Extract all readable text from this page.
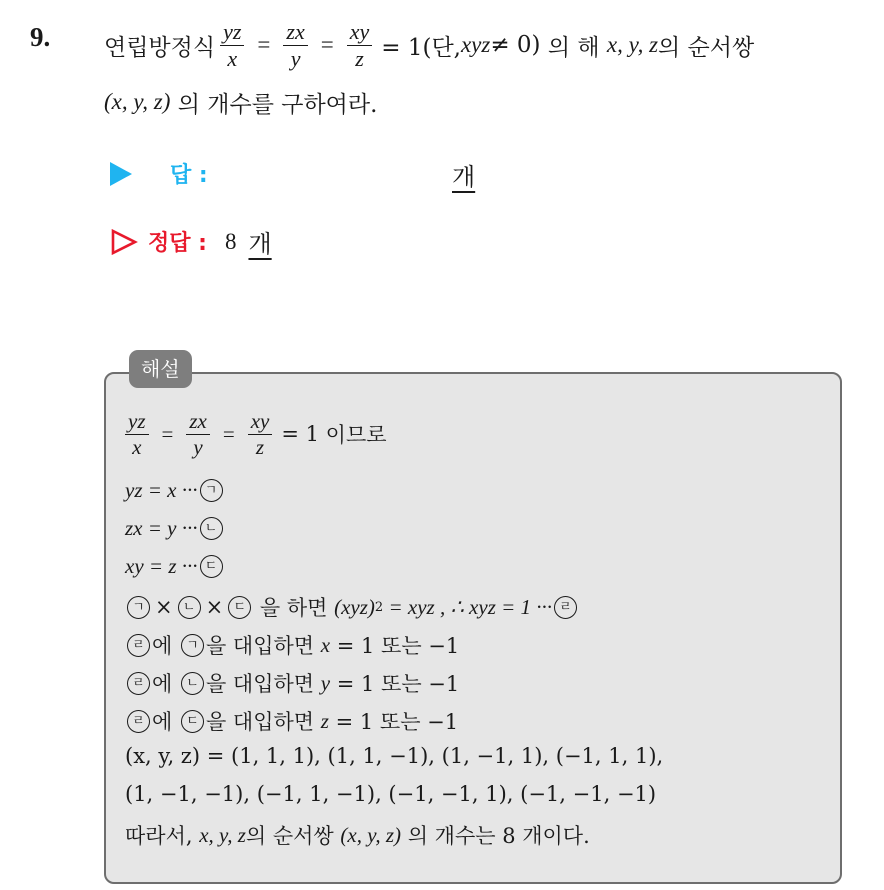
9. 연립방정식 $\frac{yz}{x} = \frac{zx}{y} = \frac{xy}{z} = 1$(단, xyz ≠ 0) 의 해 x, y, z 의 순서쌍
(x, y, z) 의 개수를 구하여라.
답 :	개
정답 : 8 개
해설
$\frac{yz}{x} = \frac{zx}{y} = \frac{xy}{z} = 1$ 이므로
yz = x ··· ㄱ
zx = y ··· ㄴ
xy = z ··· ㄷ
ㄱ × ㄴ × ㄷ 을 하면 (xyz) 2 = xyz , ∴ xyz = 1 ··· ㄹ
ㄹ 에 ㄱ 을 대입하면 x = 1 또는 −1
ㄹ 에 ㄴ 을 대입하면 y = 1 또는 −1
ㄹ 에 ㄷ 을 대입하면 z = 1 또는 −1
(x, y, z) = (1, 1, 1), (1, 1, −1), (1, −1, 1), (−1, 1, 1),
(1, −1, −1), (−1, 1, −1), (−1, −1, 1), (−1, −1, −1)
따라서, x, y, z 의 순서쌍 (x, y, z) 의 개수는 8 개이다.
